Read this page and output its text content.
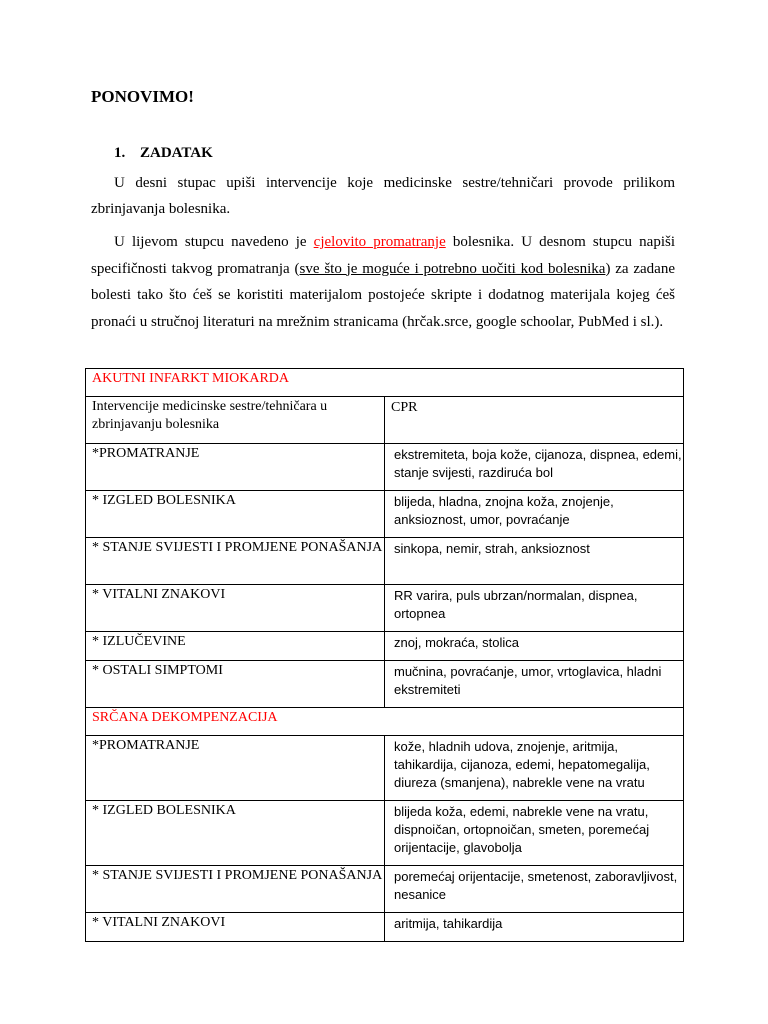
PONOVIMO!
1. ZADATAK
U desni stupac upiši intervencije koje medicinske sestre/tehničari provode prilikom zbrinjavanja bolesnika.
U lijevom stupcu navedeno je cjelovito promatranje bolesnika. U desnom stupcu napiši specifičnosti takvog promatranja (sve što je moguće i potrebno uočiti kod bolesnika) za zadane bolesti tako što ćeš se koristiti materijalom postojeće skripte i dodatnog materijala kojeg ćeš pronaći u stručnoj literaturi na mrežnim stranicama (hrčak.srce, google schoolar, PubMed i sl.).
AKUTNI INFARKT MIOKARDA	
Intervencije medicinske sestre/tehničara u zbrinjavanju bolesnika	CPR
*PROMATRANJE	ekstremiteta, boja kože, cijanoza, dispnea, edemi, stanje svijesti, razdiruća bol
* IZGLED BOLESNIKA	blijeda, hladna, znojna koža, znojenje, anksioznost, umor, povraćanje
* STANJE SVIJESTI I PROMJENE PONAŠANJA	sinkopa, nemir, strah, anksioznost
* VITALNI ZNAKOVI	RR varira, puls ubrzan/normalan, dispnea, ortopnea
* IZLUČEVINE	znoj, mokraća, stolica
* OSTALI SIMPTOMI	mučnina, povraćanje, umor, vrtoglavica, hladni ekstremiteti
SRČANA DEKOMPENZACIJA	
*PROMATRANJE	kože, hladnih udova, znojenje, aritmija, tahikardija, cijanoza, edemi, hepatomegalija, diureza (smanjena), nabrekle vene na vratu
* IZGLED BOLESNIKA	blijeda koža, edemi, nabrekle vene na vratu, dispnoičan, ortopnoičan, smeten, poremećaj orijentacije, glavobolja
* STANJE SVIJESTI I PROMJENE PONAŠANJA	poremećaj orijentacije, smetenost, zaboravljivost, nesanice
* VITALNI ZNAKOVI	aritmija, tahikardija
